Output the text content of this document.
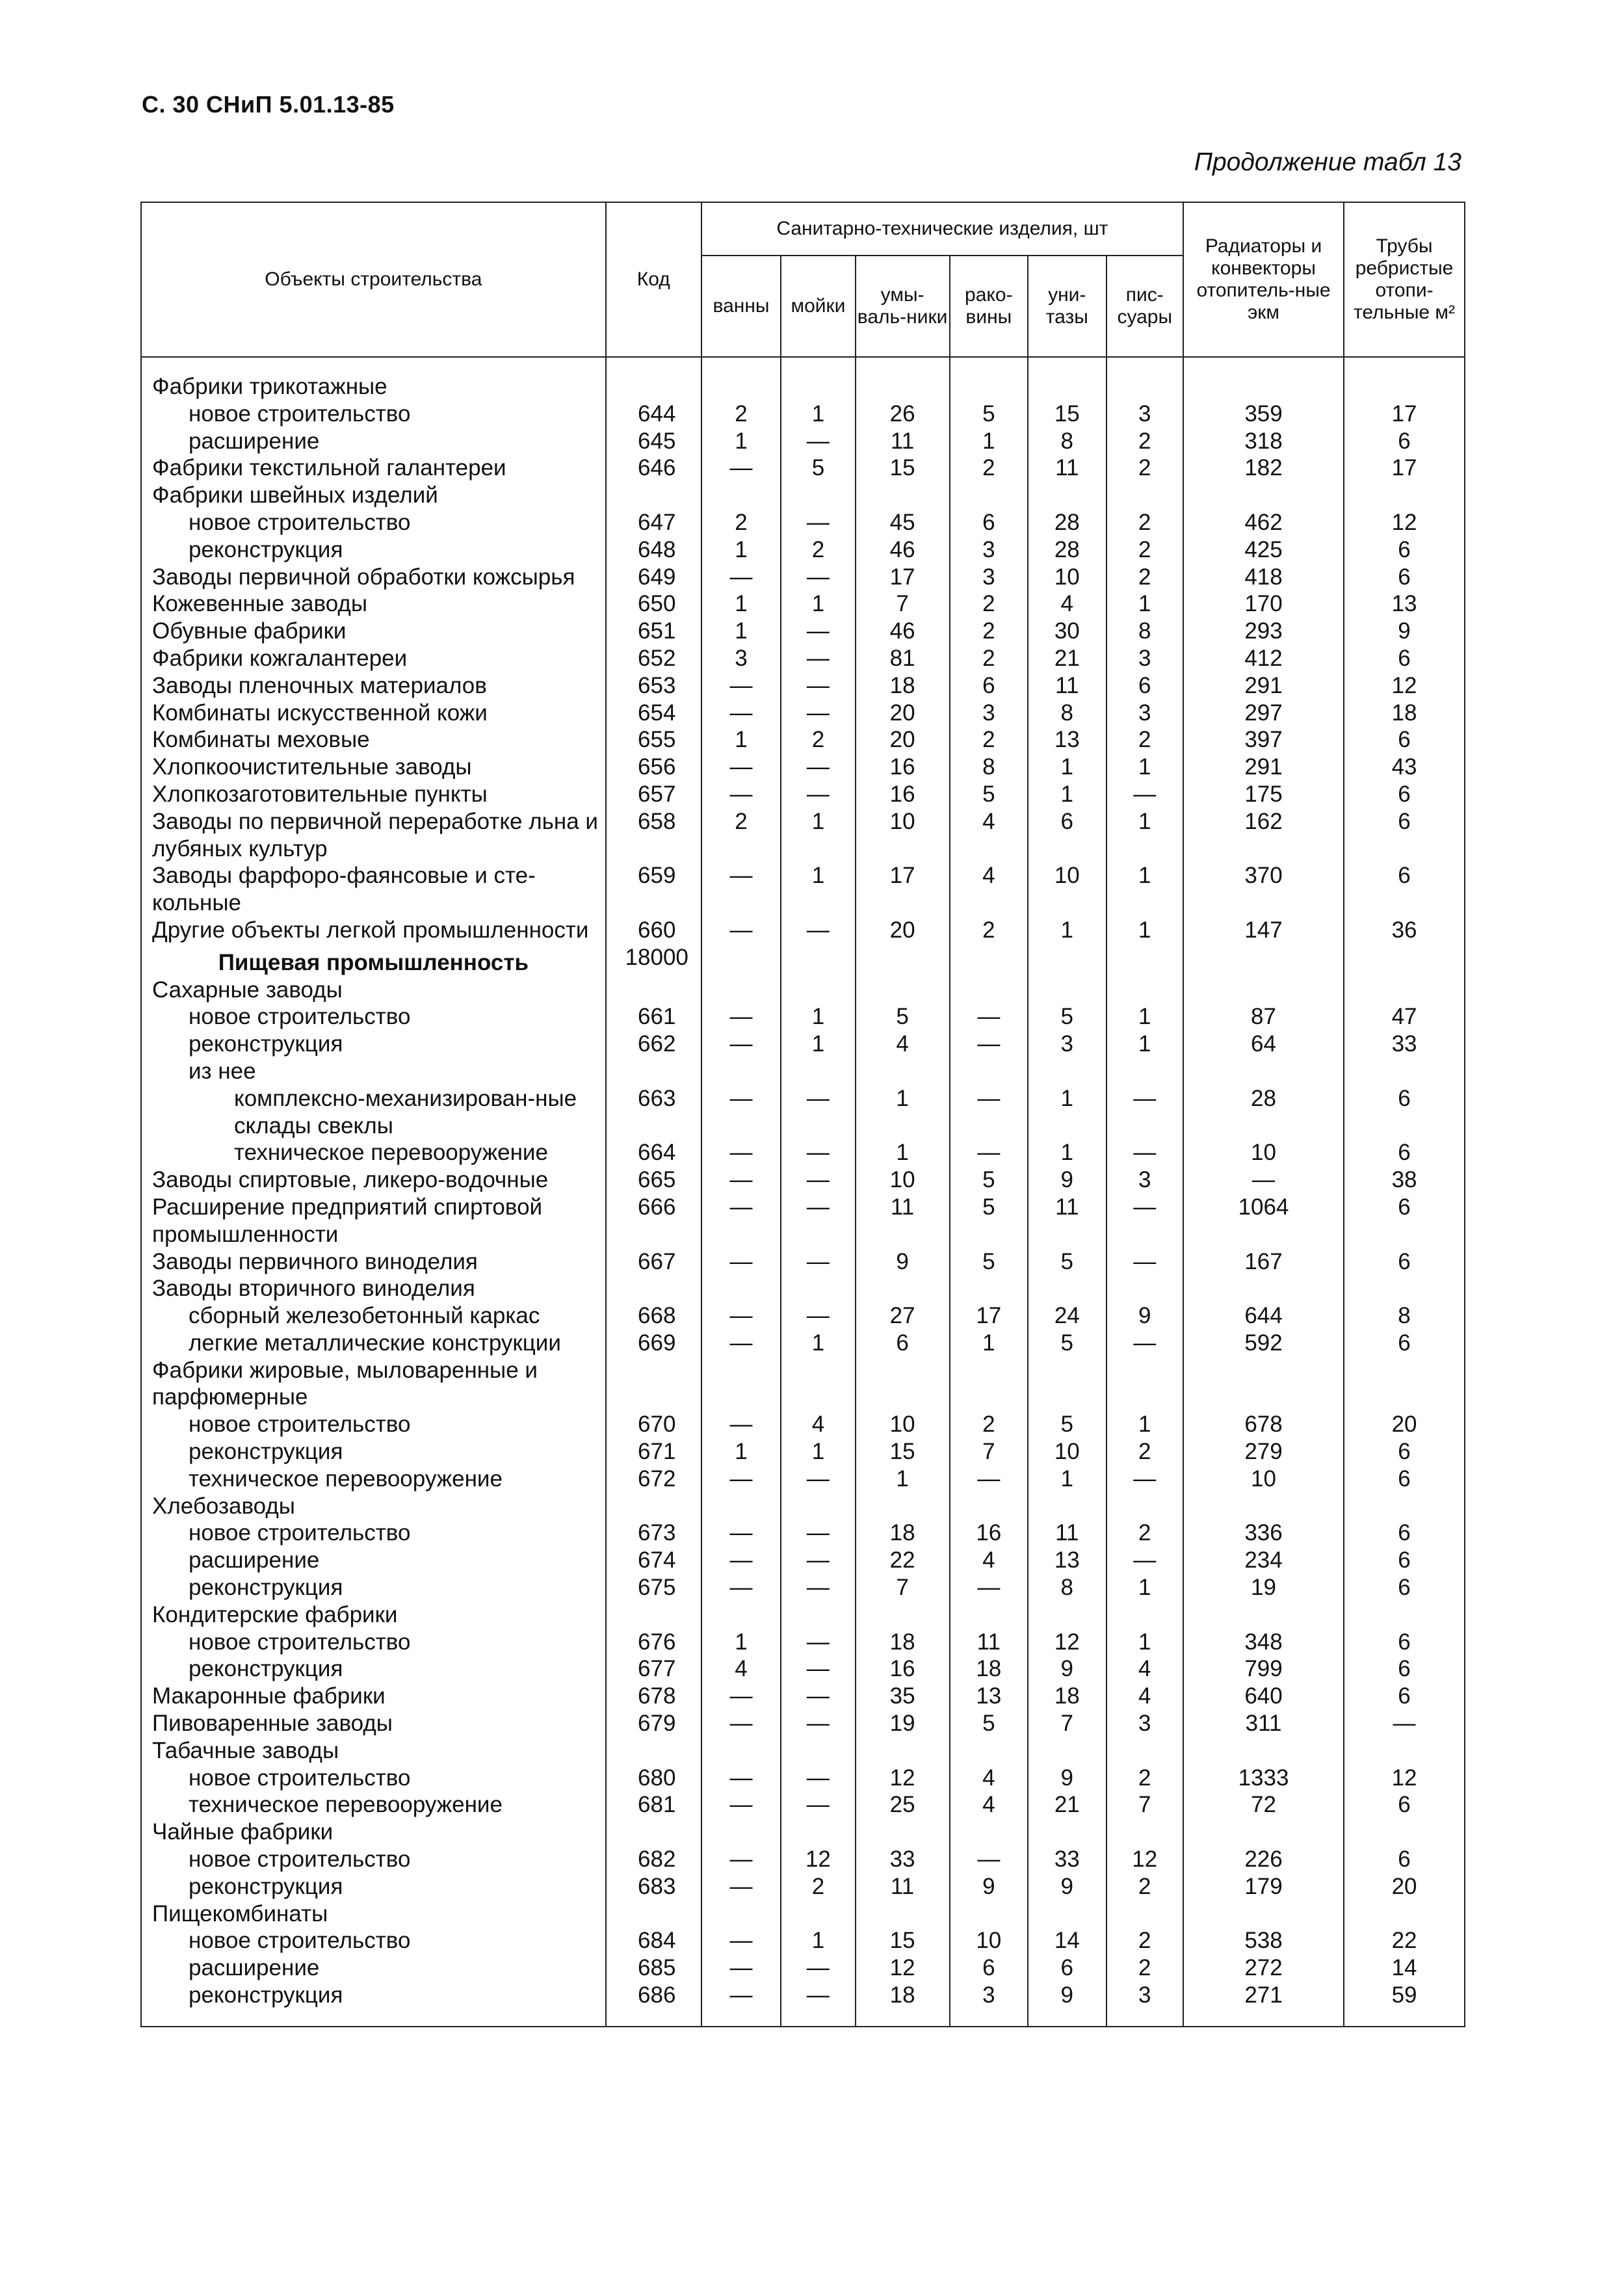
С. 30 СНиП 5.01.13-85
Продолжение табл 13
Объекты строительства	Код	Санитарно-технические изделия, шт						Радиаторы и конвекторы отопитель-ные экм	Трубы ребристые отопи-тельные м²
		ванны	мойки	умы-валь-ники	рако-вины	уни-тазы	пис-суары		
Фабрики трикотажные									
новое строительство	644	2	1	26	5	15	3	359	17
расширение	645	1	—	11	1	8	2	318	6
Фабрики текстильной галантереи	646	—	5	15	2	11	2	182	17
Фабрики швейных изделий									
новое строительство	647	2	—	45	6	28	2	462	12
реконструкция	648	1	2	46	3	28	2	425	6
Заводы первичной обработки кожсырья	649	—	—	17	3	10	2	418	6
Кожевенные заводы	650	1	1	7	2	4	1	170	13
Обувные фабрики	651	1	—	46	2	30	8	293	9
Фабрики кожгалантереи	652	3	—	81	2	21	3	412	6
Заводы пленочных материалов	653	—	—	18	6	11	6	291	12
Комбинаты искусственной кожи	654	—	—	20	3	8	3	297	18
Комбинаты меховые	655	1	2	20	2	13	2	397	6
Хлопкоочистительные заводы	656	—	—	16	8	1	1	291	43
Хлопкозаготовительные пункты	657	—	—	16	5	1	—	175	6
Заводы по первичной переработке льна и лубяных культур	658	2	1	10	4	6	1	162	6
Заводы фарфоро-фаянсовые и сте-кольные	659	—	1	17	4	10	1	370	6
Другие объекты легкой промышленности	660	—	—	20	2	1	1	147	36
Пищевая промышленность	18000								
Сахарные заводы									
новое строительство	661	—	1	5	—	5	1	87	47
реконструкция	662	—	1	4	—	3	1	64	33
из нее									
комплексно-механизирован-ные склады свеклы	663	—	—	1	—	1	—	28	6
техническое перевооружение	664	—	—	1	—	1	—	10	6
Заводы спиртовые, ликеро-водочные	665	—	—	10	5	9	3	—	38
Расширение предприятий спиртовой промышленности	666	—	—	11	5	11	—	1064	6
Заводы первичного виноделия	667	—	—	9	5	5	—	167	6
Заводы вторичного виноделия									
сборный железобетонный каркас	668	—	—	27	17	24	9	644	8
легкие металлические конструкции	669	—	1	6	1	5	—	592	6
Фабрики жировые, мыловаренные и парфюмерные									
новое строительство	670	—	4	10	2	5	1	678	20
реконструкция	671	1	1	15	7	10	2	279	6
техническое перевооружение	672	—	—	1	—	1	—	10	6
Хлебозаводы									
новое строительство	673	—	—	18	16	11	2	336	6
расширение	674	—	—	22	4	13	—	234	6
реконструкция	675	—	—	7	—	8	1	19	6
Кондитерские фабрики									
новое строительство	676	1	—	18	11	12	1	348	6
реконструкция	677	4	—	16	18	9	4	799	6
Макаронные фабрики	678	—	—	35	13	18	4	640	6
Пивоваренные заводы	679	—	—	19	5	7	3	311	—
Табачные заводы									
новое строительство	680	—	—	12	4	9	2	1333	12
техническое перевооружение	681	—	—	25	4	21	7	72	6
Чайные фабрики									
новое строительство	682	—	12	33	—	33	12	226	6
реконструкция	683	—	2	11	9	9	2	179	20
Пищекомбинаты									
новое строительство	684	—	1	15	10	14	2	538	22
расширение	685	—	—	12	6	6	2	272	14
реконструкция	686	—	—	18	3	9	3	271	59
